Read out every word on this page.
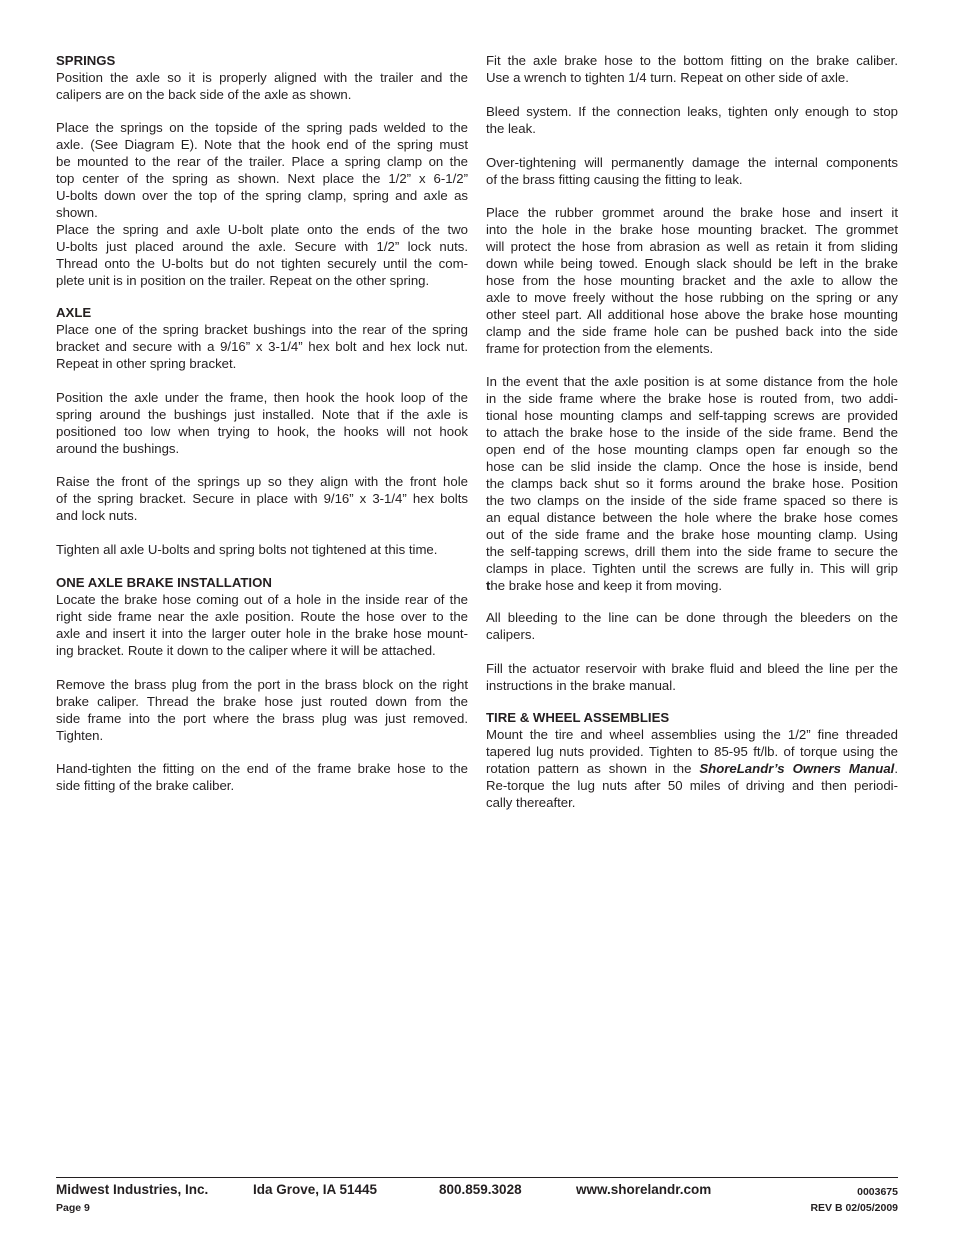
SPRINGS
Position the axle so it is properly aligned with the trailer and the
calipers are on the back side of the axle as shown.
Place the springs on the topside of the spring pads welded to the
axle. (See Diagram E). Note that the hook end of the spring must
be mounted to the rear of the trailer. Place a spring clamp on the
top center of the spring as shown. Next place the 1/2” x 6-1/2”
U-bolts down over the top of the spring clamp, spring and axle as
shown.
Place the spring and axle U-bolt plate onto the ends of the two
U-bolts just placed around the axle. Secure with 1/2” lock nuts.
Thread onto the U-bolts but do not tighten securely until the com-
plete unit is in position on the trailer. Repeat on the other spring.
AXLE
Place one of the spring bracket bushings into the rear of the spring
bracket and secure with a 9/16” x 3-1/4” hex bolt and hex lock nut.
Repeat in other spring bracket.
Position the axle under the frame, then hook the hook loop of the
spring around the bushings just installed. Note that if the axle is
positioned too low when trying to hook, the hooks will not hook
around the bushings.
Raise the front of the springs up so they align with the front hole
of the spring bracket. Secure in place with 9/16” x 3-1/4” hex bolts
and lock nuts.
Tighten all axle U-bolts and spring bolts not tightened at this time.
ONE AXLE BRAKE INSTALLATION
Locate the brake hose coming out of a hole in the inside rear of the
right side frame near the axle position. Route the hose over to the
axle and insert it into the larger outer hole in the brake hose mount-
ing bracket. Route it down to the caliper where it will be attached.
Remove the brass plug from the port in the brass block on the right
brake caliper. Thread the brake hose just routed down from the
side frame into the port where the brass plug was just removed.
Tighten.
Hand-tighten the fitting on the end of the frame brake hose to the
side fitting of the brake caliber.
Fit the axle brake hose to the bottom fitting on the brake caliber.
Use a wrench to tighten 1/4 turn. Repeat on other side of axle.
Bleed system. If the connection leaks, tighten only enough to stop
the leak.
Over-tightening will permanently damage the internal components
of the brass fitting causing the fitting to leak.
Place the rubber grommet around the brake hose and insert it
into the hole in the brake hose mounting bracket. The grommet
will protect the hose from abrasion as well as retain it from sliding
down while being towed. Enough slack should be left in the brake
hose from the hose mounting bracket and the axle to allow the
axle to move freely without the hose rubbing on the spring or any
other steel part. All additional hose above the brake hose mounting
clamp and the side frame hole can be pushed back into the side
frame for protection from the elements.
In the event that the axle position is at some distance from the hole
in the side frame where the brake hose is routed from, two addi-
tional hose mounting clamps and self-tapping screws are provided
to attach the brake hose to the inside of the side frame. Bend the
open end of the hose mounting clamps open far enough so the
hose can be slid inside the clamp. Once the hose is inside, bend
the clamps back shut so it forms around the brake hose. Position
the two clamps on the inside of the side frame spaced so there is
an equal distance between the hole where the brake hose comes
out of the side frame and the brake hose mounting clamp. Using
the self-tapping screws, drill them into the side frame to secure the
clamps in place. Tighten until the screws are fully in. This will grip
the brake hose and keep it from moving.
All bleeding to the line can be done through the bleeders on the
calipers.
Fill the actuator reservoir with brake fluid and bleed the line per the
instructions in the brake manual.
TIRE & WHEEL ASSEMBLIES
Mount the tire and wheel assemblies using the 1/2” fine threaded
tapered lug nuts provided. Tighten to 85-95 ft/lb. of torque using the
rotation pattern as shown in the ShoreLandr’s Owners Manual.
Re-torque the lug nuts after 50 miles of driving and then periodi-
cally thereafter.
Midwest Industries, Inc.	Ida Grove, IA 51445	800.859.3028	www.shorelandr.com	0003675
Page 9	REV B 02/05/2009
